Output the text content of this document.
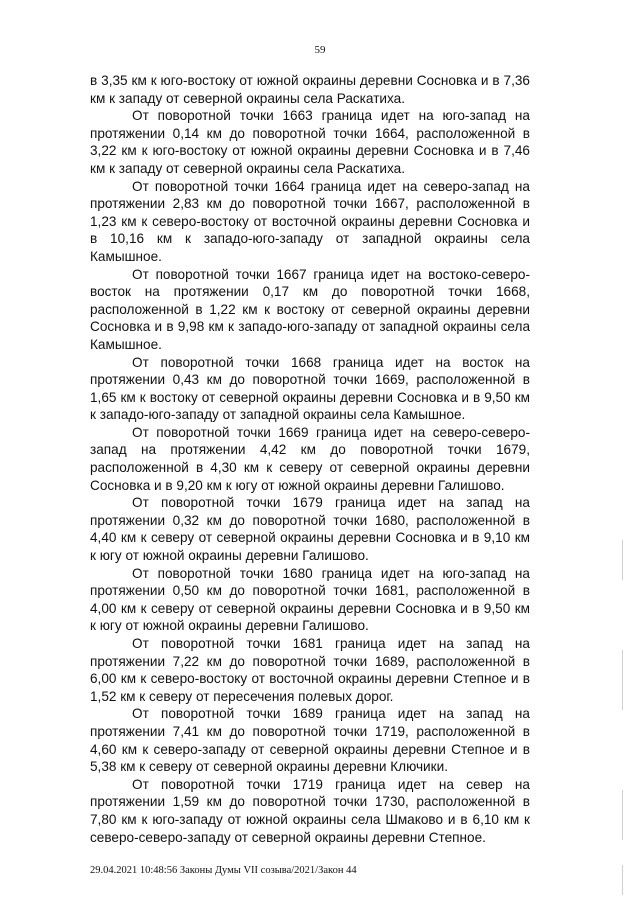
59

в 3,35 км к юго-востоку от южной окраины деревни Сосновка и в 7,36 км к западу от северной окраины села Раскатиха.

От поворотной точки 1663 граница идет на юго-запад на протяжении 0,14 км до поворотной точки 1664, расположенной в 3,22 км к юго-востоку от южной окраины деревни Сосновка и в 7,46 км к западу от северной окраины села Раскатиха.

От поворотной точки 1664 граница идет на северо-запад на протяжении 2,83 км до поворотной точки 1667, расположенной в 1,23 км к северо-востоку от восточной окраины деревни Сосновка и в 10,16 км к западо-юго-западу от западной окраины села Камышное.

От поворотной точки 1667 граница идет на востоко-северо-восток на протяжении 0,17 км до поворотной точки 1668, расположенной в 1,22 км к востоку от северной окраины деревни Сосновка и в 9,98 км к западо-юго-западу от западной окраины села Камышное.

От поворотной точки 1668 граница идет на восток на протяжении 0,43 км до поворотной точки 1669, расположенной в 1,65 км к востоку от северной окраины деревни Сосновка и в 9,50 км к западо-юго-западу от западной окраины села Камышное.

От поворотной точки 1669 граница идет на северо-северо-запад на протяжении 4,42 км до поворотной точки 1679, расположенной в 4,30 км к северу от северной окраины деревни Сосновка и в 9,20 км к югу от южной окраины деревни Галишово.

От поворотной точки 1679 граница идет на запад на протяжении 0,32 км до поворотной точки 1680, расположенной в 4,40 км к северу от северной окраины деревни Сосновка и в 9,10 км к югу от южной окраины деревни Галишово.

От поворотной точки 1680 граница идет на юго-запад на протяжении 0,50 км до поворотной точки 1681, расположенной в 4,00 км к северу от северной окраины деревни Сосновка и в 9,50 км к югу от южной окраины деревни Галишово.

От поворотной точки 1681 граница идет на запад на протяжении 7,22 км до поворотной точки 1689, расположенной в 6,00 км к северо-востоку от восточной окраины деревни Степное и в 1,52 км к северу от пересечения полевых дорог.

От поворотной точки 1689 граница идет на запад на протяжении 7,41 км до поворотной точки 1719, расположенной в 4,60 км к северо-западу от северной окраины деревни Степное и в 5,38 км к северу от северной окраины деревни Ключики.

От поворотной точки 1719 граница идет на север на протяжении 1,59 км до поворотной точки 1730, расположенной в 7,80 км к юго-западу от южной окраины села Шмаково и в 6,10 км к северо-северо-западу от северной окраины деревни Степное.

29.04.2021 10:48:56 Законы Думы VII созыва/2021/Закон 44
